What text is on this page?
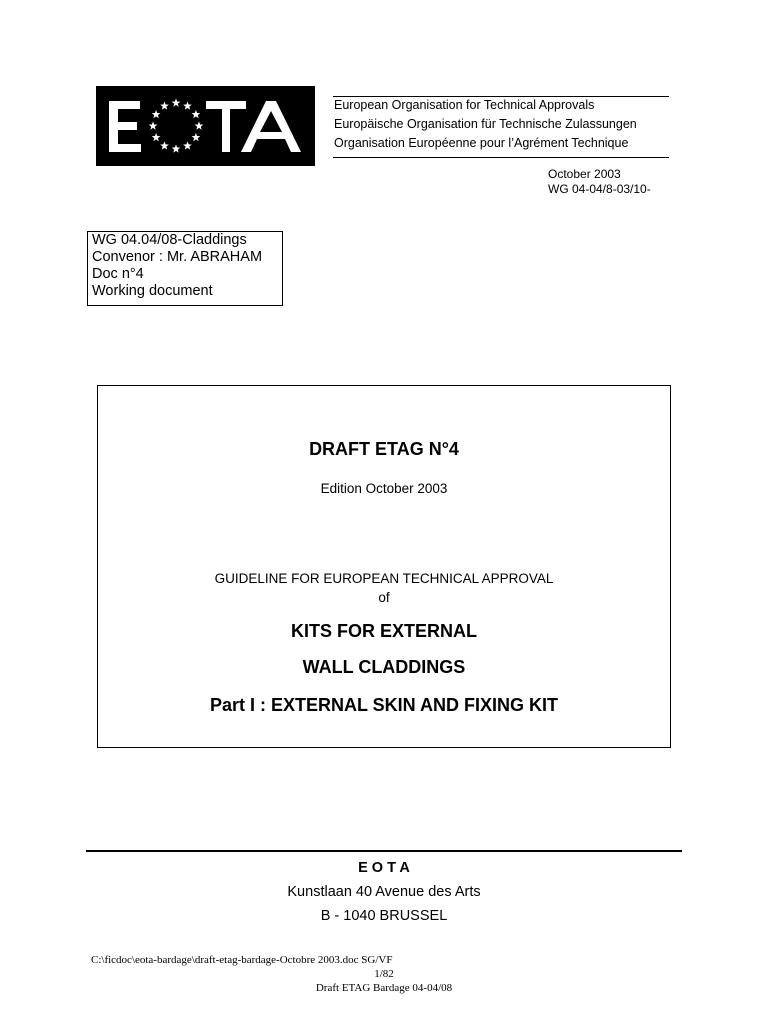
European Organisation for Technical Approvals
Europäische Organisation für Technische Zulassungen
Organisation Européenne pour l’Agrément Technique
October 2003
WG 04-04/8-03/10-
WG 04.04/08-Claddings
Convenor : Mr. ABRAHAM
Doc n°4
Working document
DRAFT ETAG N°4
Edition October 2003
GUIDELINE FOR EUROPEAN TECHNICAL APPROVAL
of
KITS FOR EXTERNAL
WALL CLADDINGS
Part I : EXTERNAL SKIN AND FIXING KIT
E O T A
Kunstlaan 40 Avenue des Arts
B - 1040 BRUSSEL
C:\ficdoc\eota-bardage\draft-etag-bardage-Octobre 2003.doc SG/VF
1/82
Draft ETAG Bardage 04-04/08
